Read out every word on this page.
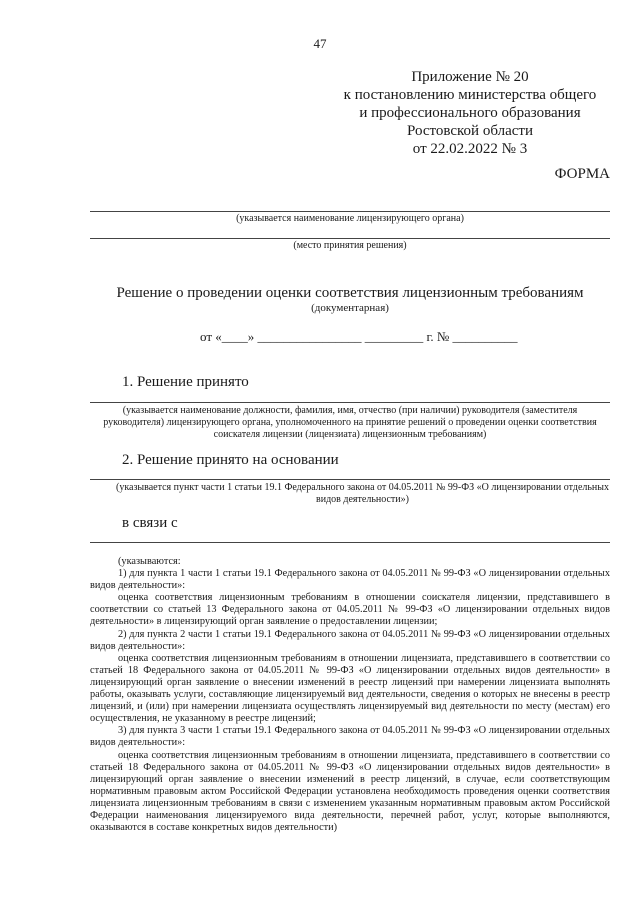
47
Приложение № 20
к постановлению министерства общего
и профессионального образования
Ростовской области
от 22.02.2022 № 3
ФОРМА
(указывается наименование лицензирующего органа)
(место принятия решения)
Решение о проведении оценки соответствия лицензионным требованиям
(документарная)
от «____» ________________ _________ г. № __________
1. Решение принято
(указывается наименование должности, фамилия, имя, отчество (при наличии) руководителя (заместителя руководителя) лицензирующего органа, уполномоченного на принятие решений о проведении оценки соответствия соискателя лицензии (лицензиата) лицензионным требованиям)
2. Решение принято на основании
(указывается пункт части 1 статьи 19.1 Федерального закона от 04.05.2011 № 99-ФЗ «О лицензировании отдельных видов деятельности»)
в связи с

(указываются:

1) для пункта 1 части 1 статьи 19.1 Федерального закона от 04.05.2011 № 99-ФЗ «О лицензировании отдельных видов деятельности»:

оценка соответствия лицензионным требованиям в отношении соискателя лицензии, представившего в соответствии со статьей 13 Федерального закона от 04.05.2011 № 99-ФЗ «О лицензировании отдельных видов деятельности» в лицензирующий орган заявление о предоставлении лицензии;

2) для пункта 2 части 1 статьи 19.1 Федерального закона от 04.05.2011 № 99-ФЗ «О лицензировании отдельных видов деятельности»:

оценка соответствия лицензионным требованиям в отношении лицензиата, представившего в соответствии со статьей 18 Федерального закона от 04.05.2011 № 99-ФЗ «О лицензировании отдельных видов деятельности» в лицензирующий орган заявление о внесении изменений в реестр лицензий при намерении лицензиата выполнять работы, оказывать услуги, составляющие лицензируемый вид деятельности, сведения о которых не внесены в реестр лицензий, и (или) при намерении лицензиата осуществлять лицензируемый вид деятельности по месту (местам) его осуществления, не указанному в реестре лицензий;

3) для пункта 3 части 1 статьи 19.1 Федерального закона от 04.05.2011 № 99-ФЗ «О лицензировании отдельных видов деятельности»:

оценка соответствия лицензионным требованиям в отношении лицензиата, представившего в соответствии со статьей 18 Федерального закона от 04.05.2011 № 99-ФЗ «О лицензировании отдельных видов деятельности» в лицензирующий орган заявление о внесении изменений в реестр лицензий, в случае, если соответствующим нормативным правовым актом Российской Федерации установлена необходимость проведения оценки соответствия лицензиата лицензионным требованиям в связи с изменением указанным нормативным правовым актом Российской Федерации наименования лицензируемого вида деятельности, перечней работ, услуг, которые выполняются, оказываются в составе конкретных видов деятельности)
